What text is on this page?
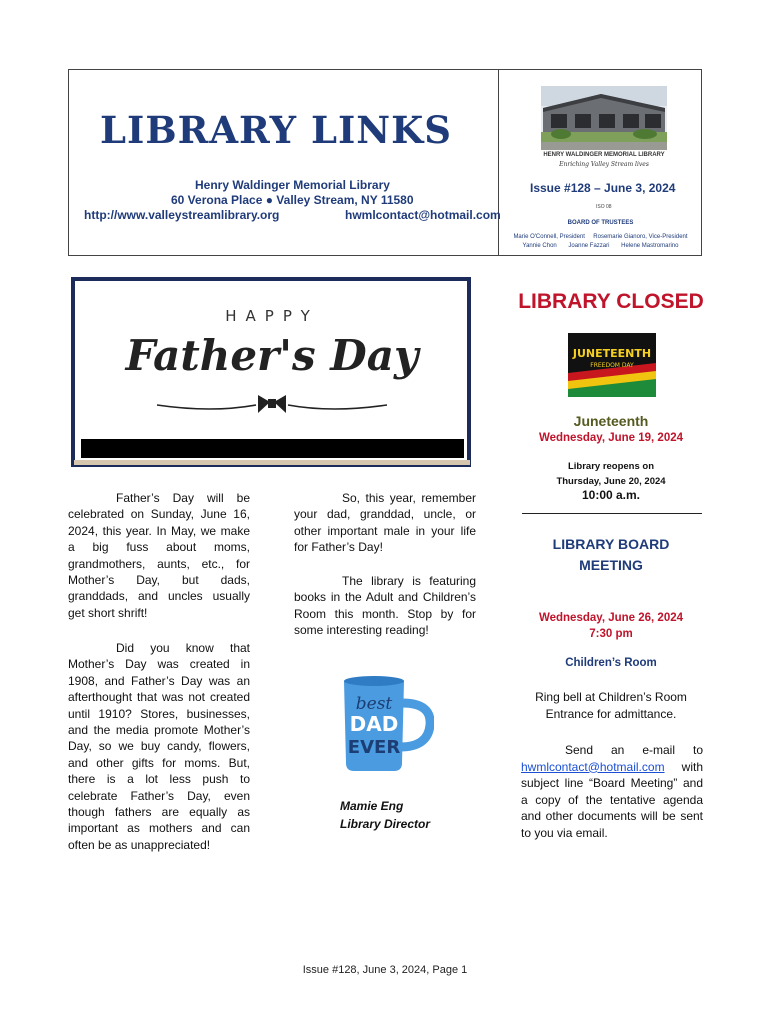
LIBRARY LINKS
Henry Waldinger Memorial Library
60 Verona Place ● Valley Stream, NY 11580
http://www.valleystreamlibrary.org	hwmlcontact@hotmail.com
HENRY WALDINGER MEMORIAL LIBRARY
Enriching Valley Stream lives
Issue #128 – June 3, 2024
ISO 08
BOARD OF TRUSTEES
Marie O'Connell, President     Rosemarie Gianoro, Vice-President
Yannie Chon       Joanne Fazzari       Helene Mastromarino
HAPPY
Father's Day
Father’s Day will be celebrated on Sunday, June 16, 2024, this year. In May, we make a big fuss about moms, grandmothers, aunts, etc., for Mother’s Day, but dads, granddads, and uncles usually get short shrift!
Did you know that Mother’s Day was created in 1908, and Father’s Day was an afterthought that was not created until 1910? Stores, businesses, and the media promote Mother’s Day, so we buy candy, flowers, and other gifts for moms. But, there is a lot less push to celebrate Father’s Day, even though fathers are equally as important as mothers and can often be as unappreciated!
So, this year, remember your dad, granddad, uncle, or other important male in your life for Father’s Day!
The library is featuring books in the Adult and Children’s Room this month. Stop by for some interesting reading!
best
DAD
EVER
Mamie Eng
Library Director
LIBRARY CLOSED
JUNETEENTH
FREEDOM DAY
Juneteenth
Wednesday, June 19, 2024
Library reopens on
Thursday, June 20, 2024
10:00 a.m.
LIBRARY BOARD
MEETING
Wednesday, June 26, 2024
7:30 pm
Children’s Room
Ring bell at Children’s Room
Entrance for admittance.
Send an e-mail to hwmlcontact@hotmail.com with subject line “Board Meeting” and a copy of the tentative agenda and other documents will be sent to you via email.
Issue #128, June 3, 2024, Page 1
